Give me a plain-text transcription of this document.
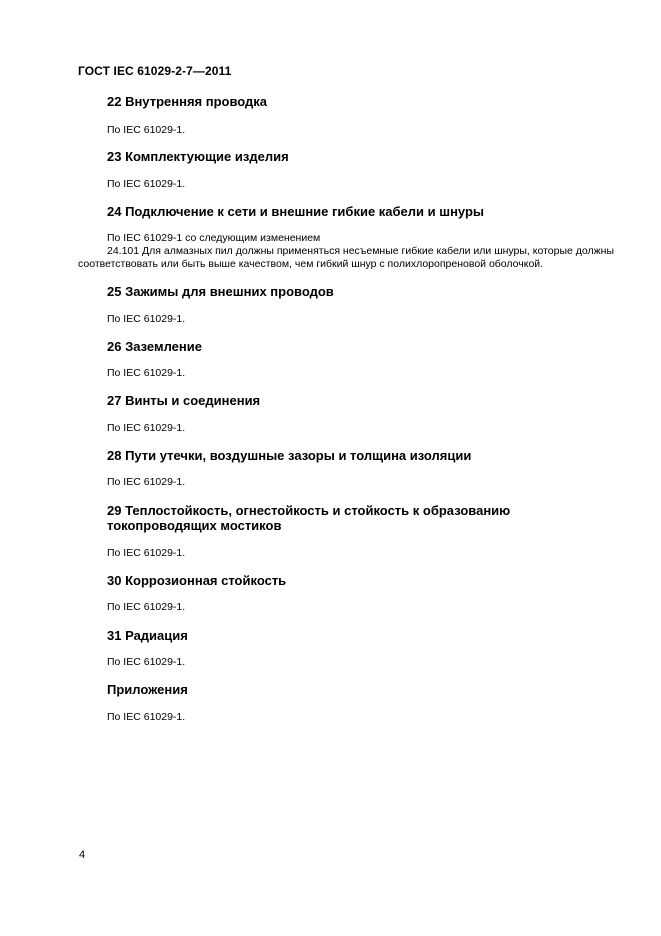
ГОСТ IEC 61029-2-7—2011
22 Внутренняя проводка
По IEC 61029-1.
23 Комплектующие изделия
По IEC 61029-1.
24 Подключение к сети и внешние гибкие кабели и шнуры
По IEC 61029-1 со следующим изменением
24.101 Для алмазных пил должны применяться несъемные гибкие кабели или шнуры, которые должны соответствовать или быть выше качеством, чем гибкий шнур с полихлоропреновой оболочкой.
25 Зажимы для внешних проводов
По IEC 61029-1.
26 Заземление
По IEC 61029-1.
27 Винты и соединения
По IEC 61029-1.
28 Пути утечки, воздушные зазоры и толщина изоляции
По IEC 61029-1.
29 Теплостойкость, огнестойкость и стойкость к образованию
токопроводящих мостиков
По IEC 61029-1.
30 Коррозионная стойкость
По IEC 61029-1.
31 Радиация
По IEC 61029-1.
Приложения
По IEC 61029-1.
4
